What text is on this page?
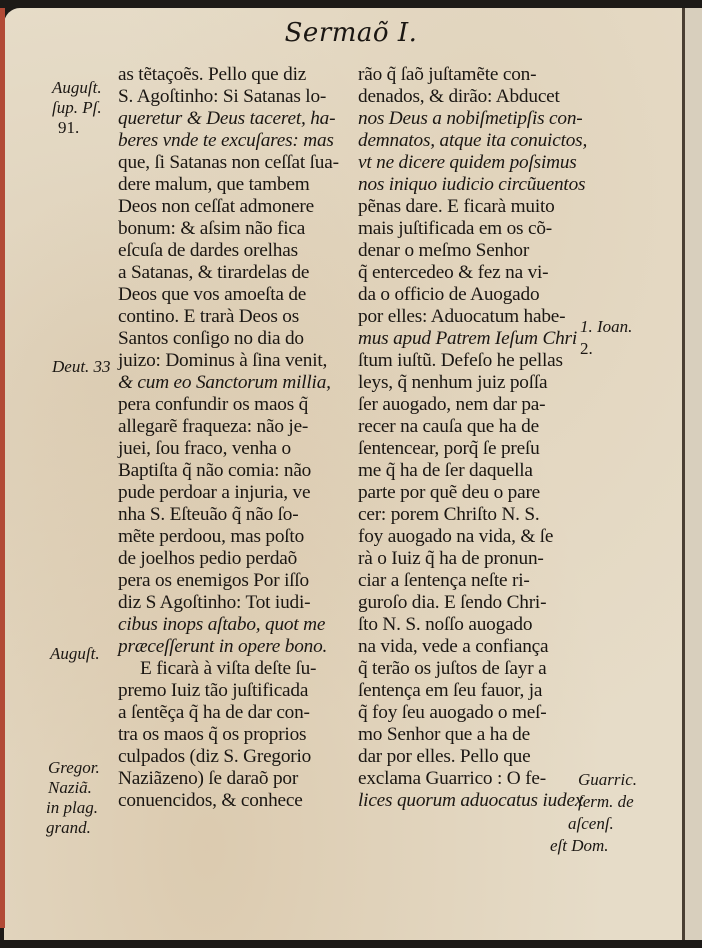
Sermaõ I.
as tẽtaçoẽs. Pello que diz
S. Agoſtinho: Si Satanas lo-
queretur & Deus taceret, ha-
beres vnde te excuſares: mas
que, ſi Satanas non ceſſat ſua-
dere malum, que tambem
Deos non ceſſat admonere
bonum: & aſsim não fica
eſcuſa de dardes orelhas
a Satanas, & tirardelas de
Deos que vos amoeſta de
contino. E trarà Deos os
Santos conſigo no dia do
juizo: Dominus à ſina venit,
& cum eo Sanctorum millia,
pera confundir os maos q̃
allegarẽ fraqueza: não je-
juei, ſou fraco, venha o
Baptiſta q̃ não comia: não
pude perdoar a injuria, ve
nha S. Eſteuão q̃ não ſo-
mẽte perdoou, mas poſto
de joelhos pedio perdaõ
pera os enemigos Por iſſo
diz S Agoſtinho: Tot iudi-
cibus inops aſtabo, quot me
præceſſerunt in opere bono.
E ficarà à viſta deſte ſu-
premo Iuiz tão juſtificada
a ſentẽça q̃ ha de dar con-
tra os maos q̃ os proprios
culpados (diz S. Gregorio
Naziãzeno) ſe daraõ por
conuencidos, & conhece
rão q̃ ſaõ juſtamẽte con-
denados, & dirão: Abducet
nos Deus a nobiſmetipſis con-
demnatos, atque ita conuictos,
vt ne dicere quidem poſsimus
nos iniquo iudicio circũuentos
pẽnas dare. E ficarà muito
mais juſtificada em os cõ-
denar o meſmo Senhor
q̃ entercedeo & fez na vi-
da o officio de Auogado
por elles: Aduocatum habe-
mus apud Patrem Ieſum Chri
ſtum iuſtũ. Defeſo he pellas
leys, q̃ nenhum juiz poſſa
ſer auogado, nem dar pa-
recer na cauſa que ha de
ſentencear, porq̃ ſe preſu
me q̃ ha de ſer daquella
parte por quẽ deu o pare
cer: porem Chriſto N. S.
foy auogado na vida, & ſe
rà o Iuiz q̃ ha de pronun-
ciar a ſentença neſte ri-
guroſo dia. E ſendo Chri-
ſto N. S. noſſo auogado
na vida, vede a confiança
q̃ terão os juſtos de ſayr a
ſentença em ſeu fauor, ja
q̃ foy ſeu auogado o meſ-
mo Senhor que a ha de
dar por elles. Pello que
exclama Guarrico : O fe-
lices quorum aduocatus iudex
Auguſt.
ſup. Pſ.
91.
Deut. 33
Auguſt.
Gregor.
Naziã.
in plag.
grand.
1. Ioan.
2.
Guarric.
ſerm. de
aſcenſ.
eſt Dom.
